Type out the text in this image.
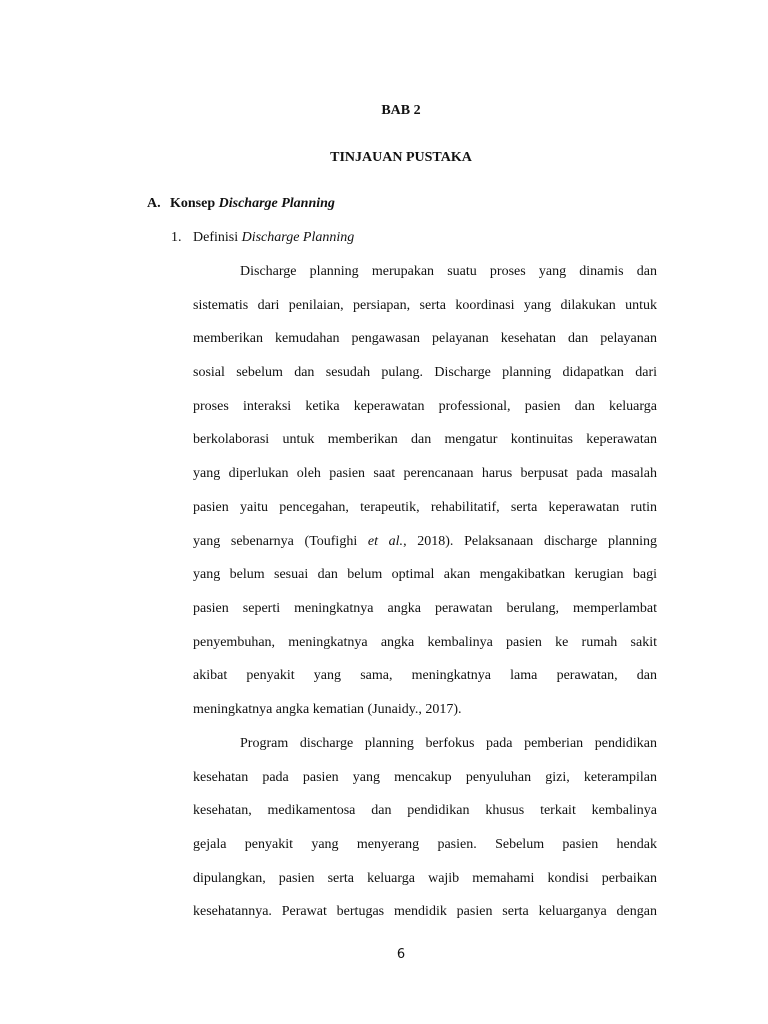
BAB 2
TINJAUAN PUSTAKA
A. Konsep Discharge Planning
1. Definisi Discharge Planning
Discharge planning merupakan suatu proses yang dinamis dan
sistematis dari penilaian, persiapan, serta koordinasi yang dilakukan untuk
memberikan kemudahan pengawasan pelayanan kesehatan dan pelayanan
sosial sebelum dan sesudah pulang. Discharge planning didapatkan dari
proses interaksi ketika keperawatan professional, pasien dan keluarga
berkolaborasi untuk memberikan dan mengatur kontinuitas keperawatan
yang diperlukan oleh pasien saat perencanaan harus berpusat pada masalah
pasien yaitu pencegahan, terapeutik, rehabilitatif, serta keperawatan rutin
yang sebenarnya (Toufighi et al., 2018). Pelaksanaan discharge planning
yang belum sesuai dan belum optimal akan mengakibatkan kerugian bagi
pasien seperti meningkatnya angka perawatan berulang, memperlambat
penyembuhan, meningkatnya angka kembalinya pasien ke rumah sakit
akibat penyakit yang sama, meningkatnya lama perawatan, dan
meningkatnya angka kematian (Junaidy., 2017).
Program discharge planning berfokus pada pemberian pendidikan
kesehatan pada pasien yang mencakup penyuluhan gizi, keterampilan
kesehatan, medikamentosa dan pendidikan khusus terkait kembalinya
gejala penyakit yang menyerang pasien. Sebelum pasien hendak
dipulangkan, pasien serta keluarga wajib memahami kondisi perbaikan
kesehatannya. Perawat bertugas mendidik pasien serta keluarganya dengan
6
